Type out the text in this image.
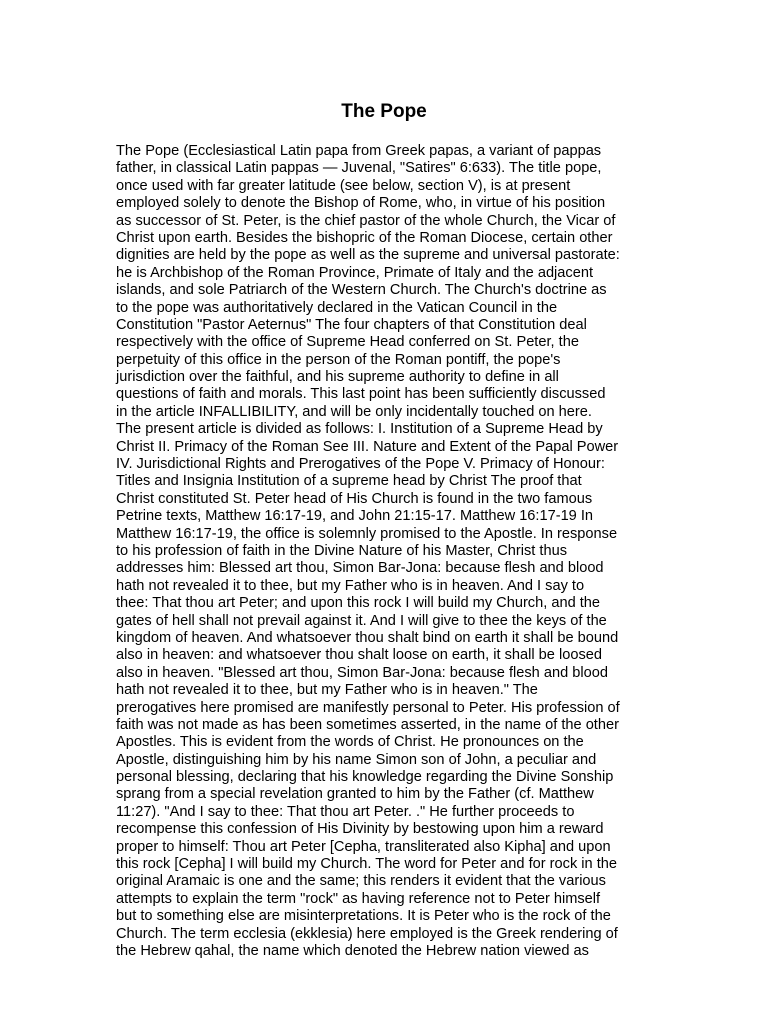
The Pope
The Pope (Ecclesiastical Latin papa from Greek papas, a variant of pappas
father, in classical Latin pappas — Juvenal, "Satires" 6:633). The title pope,
once used with far greater latitude (see below, section V), is at present
employed solely to denote the Bishop of Rome, who, in virtue of his position
as successor of St. Peter, is the chief pastor of the whole Church, the Vicar of
Christ upon earth. Besides the bishopric of the Roman Diocese, certain other
dignities are held by the pope as well as the supreme and universal pastorate:
he is Archbishop of the Roman Province, Primate of Italy and the adjacent
islands, and sole Patriarch of the Western Church. The Church's doctrine as
to the pope was authoritatively declared in the Vatican Council in the
Constitution "Pastor Aeternus" The four chapters of that Constitution deal
respectively with the office of Supreme Head conferred on St. Peter, the
perpetuity of this office in the person of the Roman pontiff, the pope's
jurisdiction over the faithful, and his supreme authority to define in all
questions of faith and morals. This last point has been sufficiently discussed
in the article INFALLIBILITY, and will be only incidentally touched on here.
The present article is divided as follows: I. Institution of a Supreme Head by
Christ II. Primacy of the Roman See III. Nature and Extent of the Papal Power
IV. Jurisdictional Rights and Prerogatives of the Pope V. Primacy of Honour:
Titles and Insignia Institution of a supreme head by Christ The proof that
Christ constituted St. Peter head of His Church is found in the two famous
Petrine texts, Matthew 16:17-19, and John 21:15-17. Matthew 16:17-19 In
Matthew 16:17-19, the office is solemnly promised to the Apostle. In response
to his profession of faith in the Divine Nature of his Master, Christ thus
addresses him: Blessed art thou, Simon Bar-Jona: because flesh and blood
hath not revealed it to thee, but my Father who is in heaven. And I say to
thee: That thou art Peter; and upon this rock I will build my Church, and the
gates of hell shall not prevail against it. And I will give to thee the keys of the
kingdom of heaven. And whatsoever thou shalt bind on earth it shall be bound
also in heaven: and whatsoever thou shalt loose on earth, it shall be loosed
also in heaven. "Blessed art thou, Simon Bar-Jona: because flesh and blood
hath not revealed it to thee, but my Father who is in heaven." The
prerogatives here promised are manifestly personal to Peter. His profession of
faith was not made as has been sometimes asserted, in the name of the other
Apostles. This is evident from the words of Christ. He pronounces on the
Apostle, distinguishing him by his name Simon son of John, a peculiar and
personal blessing, declaring that his knowledge regarding the Divine Sonship
sprang from a special revelation granted to him by the Father (cf. Matthew
11:27). "And I say to thee: That thou art Peter. ." He further proceeds to
recompense this confession of His Divinity by bestowing upon him a reward
proper to himself: Thou art Peter [Cepha, transliterated also Kipha] and upon
this rock [Cepha] I will build my Church. The word for Peter and for rock in the
original Aramaic is one and the same; this renders it evident that the various
attempts to explain the term "rock" as having reference not to Peter himself
but to something else are misinterpretations. It is Peter who is the rock of the
Church. The term ecclesia (ekklesia) here employed is the Greek rendering of
the Hebrew qahal, the name which denoted the Hebrew nation viewed as
